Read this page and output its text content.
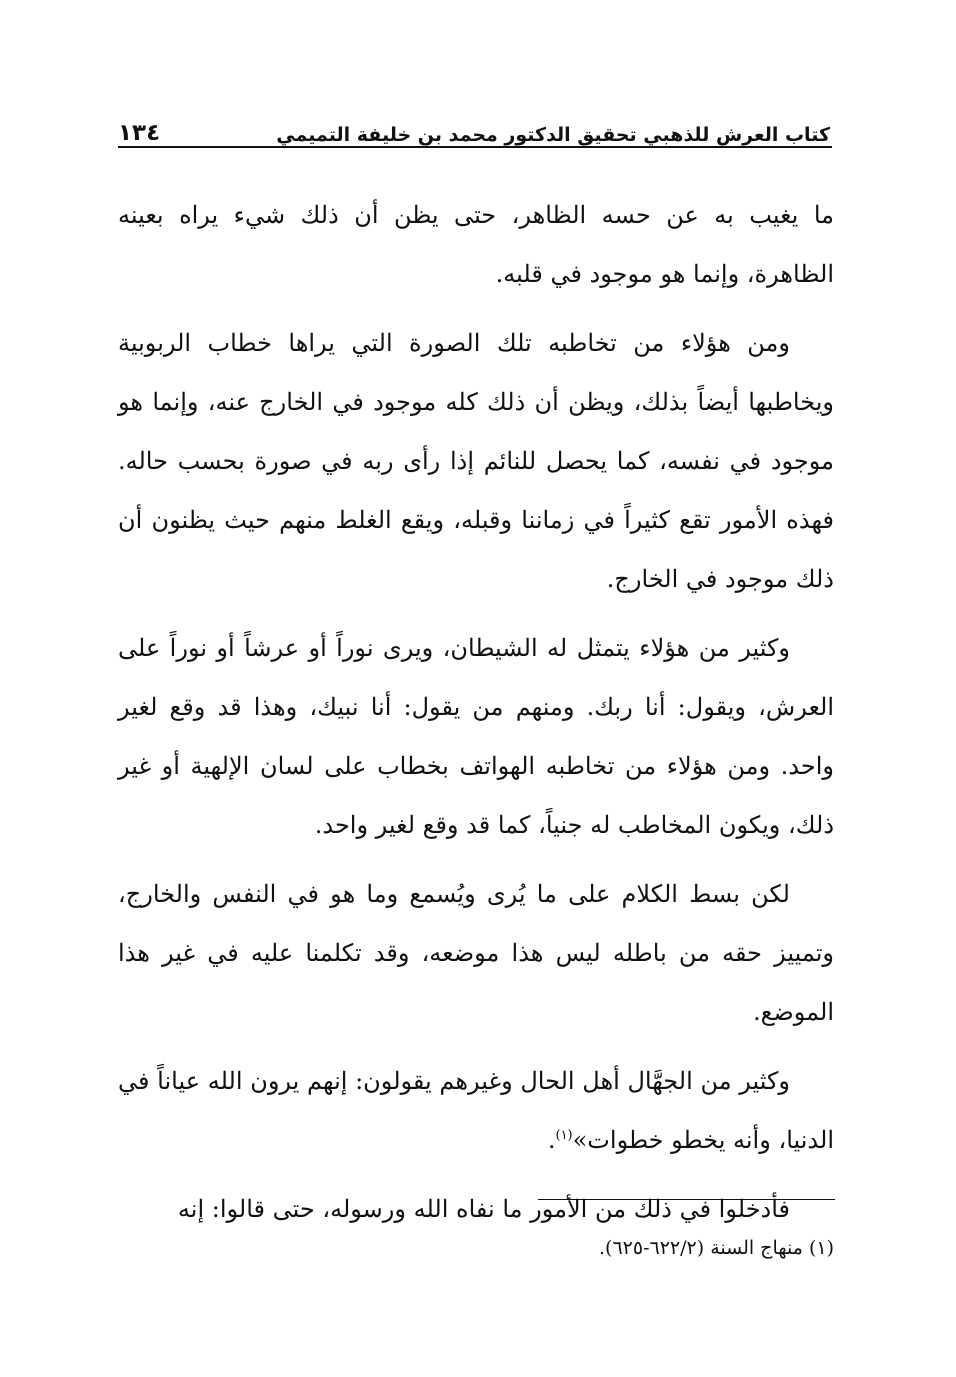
كتاب العرش للذهبي تحقيق الدكتور محمد بن خليفة التميمي
١٣٤

ما يغيب به عن حسه الظاهر، حتى يظن أن ذلك شيء يراه بعينه الظاهرة، وإنما هو موجود في قلبه.

ومن هؤلاء من تخاطبه تلك الصورة التي يراها خطاب الربوبية ويخاطبها أيضاً بذلك، ويظن أن ذلك كله موجود في الخارج عنه، وإنما هو موجود في نفسه، كما يحصل للنائم إذا رأى ربه في صورة بحسب حاله. فهذه الأمور تقع كثيراً في زماننا وقبله، ويقع الغلط منهم حيث يظنون أن ذلك موجود في الخارج.

وكثير من هؤلاء يتمثل له الشيطان، ويرى نوراً أو عرشاً أو نوراً على العرش، ويقول: أنا ربك. ومنهم من يقول: أنا نبيك، وهذا قد وقع لغير واحد. ومن هؤلاء من تخاطبه الهواتف بخطاب على لسان الإلهية أو غير ذلك، ويكون المخاطب له جنياً، كما قد وقع لغير واحد.

لكن بسط الكلام على ما يُرى ويُسمع وما هو في النفس والخارج، وتمييز حقه من باطله ليس هذا موضعه، وقد تكلمنا عليه في غير هذا الموضع.

وكثير من الجهَّال أهل الحال وغيرهم يقولون: إنهم يرون الله عياناً في الدنيا، وأنه يخطو خطوات»$^{(١)}$.

فأدخلوا في ذلك من الأمور ما نفاه الله ورسوله، حتى قالوا: إنه

(١) منهاج السنة (٦٢٢/٢-٦٢٥).
